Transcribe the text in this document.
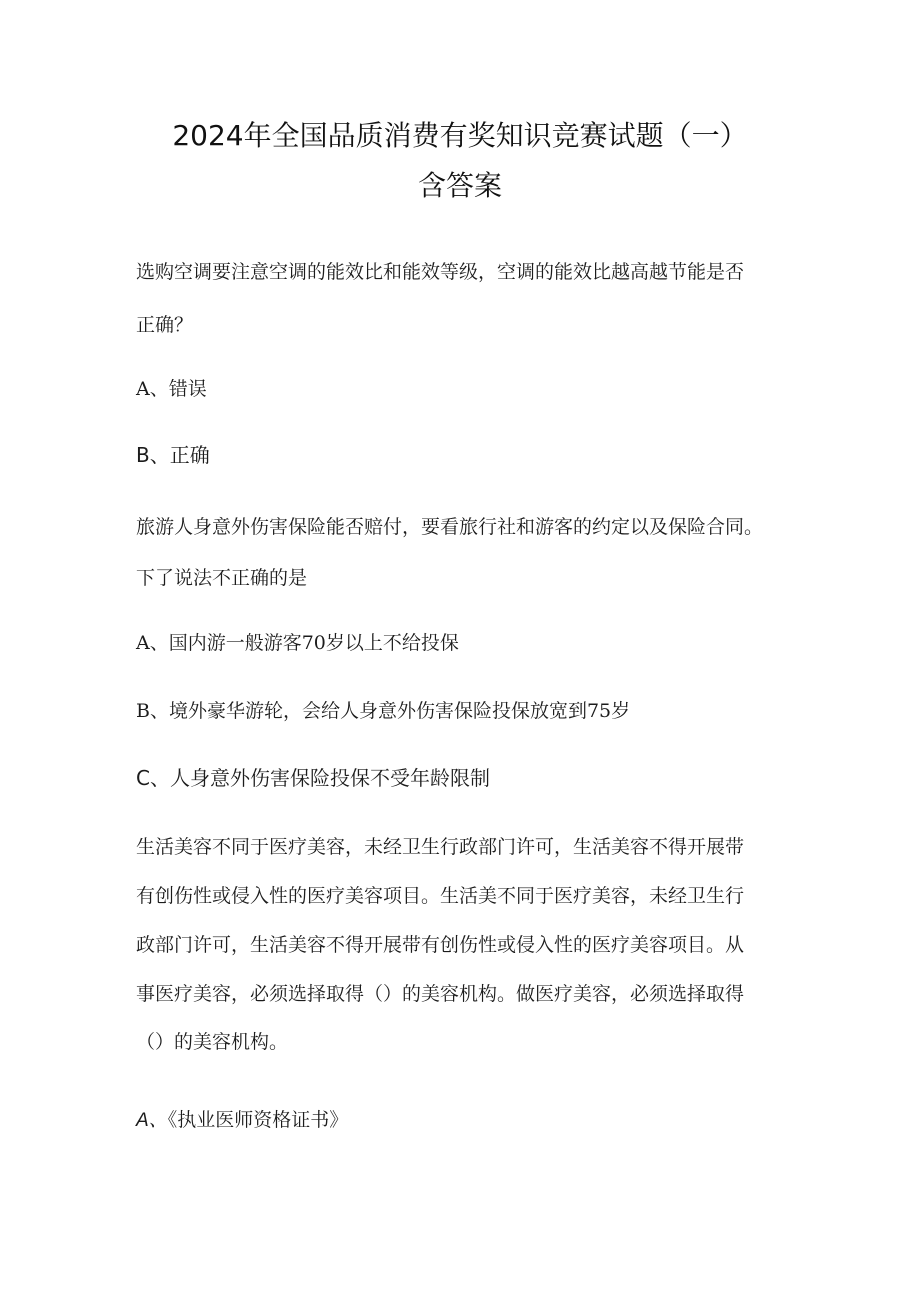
2024年全国品质消费有奖知识竞赛试题（一）
含答案
选购空调要注意空调的能效比和能效等级，空调的能效比越高越节能是否
正确？
A、错误
B、正确
旅游人身意外伤害保险能否赔付，要看旅行社和游客的约定以及保险合同。
下了说法不正确的是
A、国内游一般游客70岁以上不给投保
B、境外豪华游轮，会给人身意外伤害保险投保放宽到75岁
C、人身意外伤害保险投保不受年龄限制
生活美容不同于医疗美容，未经卫生行政部门许可，生活美容不得开展带
有创伤性或侵入性的医疗美容项目。生活美不同于医疗美容，未经卫生行
政部门许可，生活美容不得开展带有创伤性或侵入性的医疗美容项目。从
事医疗美容，必须选择取得（）的美容机构。做医疗美容，必须选择取得
（）的美容机构。
A、《执业医师资格证书》
